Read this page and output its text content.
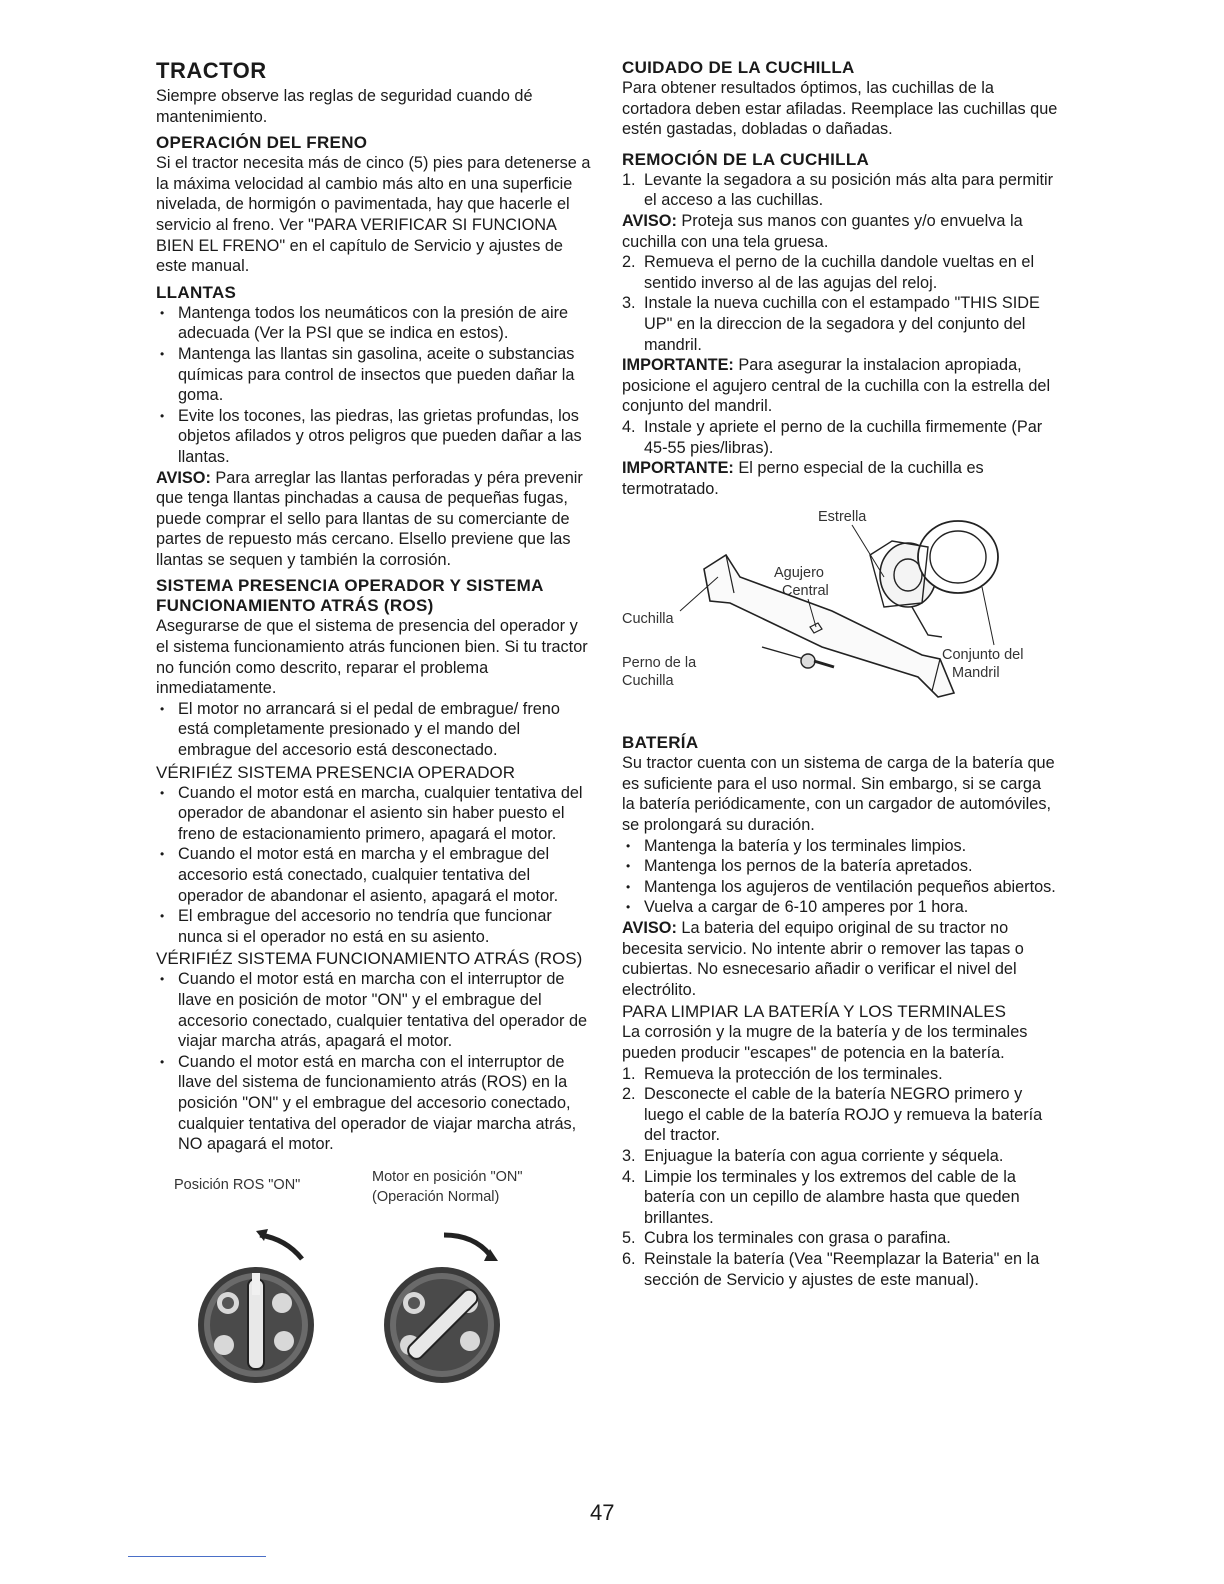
TRACTOR

Siempre observe las reglas de seguridad cuando dé mantenimiento.

OPERACIÓN DEL FRENO

Si el tractor necesita más de cinco (5) pies para detenerse a la máxima velocidad al cambio más alto en una superficie nivelada, de hormigón o pavimentada, hay que hacerle el servicio al freno. Ver "PARA VERIFICAR SI FUNCIONA BIEN EL FRENO" en el capítulo de Servicio y ajustes de este manual.

LLANTAS
• Mantenga todos los neumáticos con la presión de aire adecuada (Ver la PSI que se indica en estos).
• Mantenga las llantas sin gasolina, aceite o substancias químicas para control de insectos que pueden dañar la goma.
• Evite los tocones, las piedras, las grietas profundas, los objetos afilados y otros peligros que pueden dañar a las llantas.

AVISO: Para arreglar las llantas perforadas y péra prevenir que tenga llantas pinchadas a causa de pequeñas fugas, puede comprar el sello para llantas de su comerciante de partes de repuesto más cercano. Elsello previene que las llantas se sequen y también la corrosión.

SISTEMA PRESENCIA OPERADOR Y SISTEMA FUNCIONAMIENTO ATRÁS (ROS)

Asegurarse de que el sistema de presencia del operador y el sistema funcionamiento atrás funcionen bien. Si tu tractor no función como descrito, reparar el problema inmediatamente.

• El motor no arrancará si el pedal de embrague/ freno está completamente presionado y el mando del embrague del accesorio está desconectado.
VÉRIFIÉZ SISTEMA PRESENCIA OPERADOR
• Cuando el motor está en marcha, cualquier tentativa del operador de abandonar el asiento sin haber puesto el freno de estacionamiento primero, apagará el motor.
• Cuando el motor está en marcha y el embrague del accesorio está conectado, cualquier tentativa del operador de abandonar el asiento, apagará el motor.
• El embrague del accesorio no tendría que funcionar nunca si el operador no está en su asiento.
VÉRIFIÉZ SISTEMA FUNCIONAMIENTO ATRÁS (ROS)
• Cuando el motor está en marcha con el interruptor de llave en posición de motor "ON" y el embrague del accesorio conectado, cualquier tentativa del operador de viajar marcha atrás, apagará el motor.
• Cuando el motor está en marcha con el interruptor de llave del sistema de funcionamiento atrás (ROS) en la posición "ON" y el embrague del accesorio conectado, cualquier tentativa del operador de viajar marcha atrás, NO apagará el motor.
Posición ROS "ON"	Motor en posición "ON"
(Operación Normal)
CUIDADO DE LA CUCHILLA

Para obtener resultados óptimos, las cuchillas de la cortadora deben estar afiladas. Reemplace las cuchillas que estén gastadas, dobladas o dañadas.

REMOCIÓN DE LA CUCHILLA
1. Levante la segadora a su posición más alta para permitir el acceso a las cuchillas.

AVISO: Proteja sus manos con guantes y/o envuelva la cuchilla con una tela gruesa.

2. Remueva el perno de la cuchilla dandole vueltas en el sentido inverso al de las agujas del reloj.
3. Instale la nueva cuchilla con el estampado "THIS SIDE UP" en la direccion de la segadora y del conjunto del mandril.

IMPORTANTE: Para asegurar la instalacion apropiada, posicione el agujero central de la cuchilla con la estrella del conjunto del mandril.

4. Instale y apriete el perno de la cuchilla firmemente (Par 45-55 pies/libras).

IMPORTANTE: El perno especial de la cuchilla es termotratado.

Estrella
Agujero
Central
Cuchilla
Perno de la
Cuchilla
Conjunto del
Mandril
BATERÍA

Su tractor cuenta con un sistema de carga de la batería que es suficiente para el uso normal. Sin embargo, si se carga la batería periódicamente, con un cargador de automóviles, se prolongará su duración.

• Mantenga la batería y los terminales limpios.
• Mantenga los pernos de la batería apretados.
• Mantenga los agujeros de ventilación pequeños abiertos.
• Vuelva a cargar de 6-10 amperes por 1 hora.

AVISO: La bateria del equipo original de su tractor no becesita servicio. No intente abrir o remover las tapas o cubiertas. No esnecesario añadir o verificar el nivel del electrólito.

PARA LIMPIAR LA BATERÍA Y LOS TERMINALES

La corrosión y la mugre de la batería y de los terminales pueden producir "escapes" de potencia en la batería.

1. Remueva la protección de los terminales.
2. Desconecte el cable de la batería NEGRO primero y luego el cable de la batería ROJO y remueva la batería del tractor.
3. Enjuague la batería con agua corriente y séquela.
4. Limpie los terminales y los extremos del cable de la batería con un cepillo de alambre hasta que queden brillantes.
5. Cubra los terminales con grasa o parafina.
6. Reinstale la batería (Vea "Reemplazar la Bateria" en la sección de Servicio y ajustes de este manual).
47
